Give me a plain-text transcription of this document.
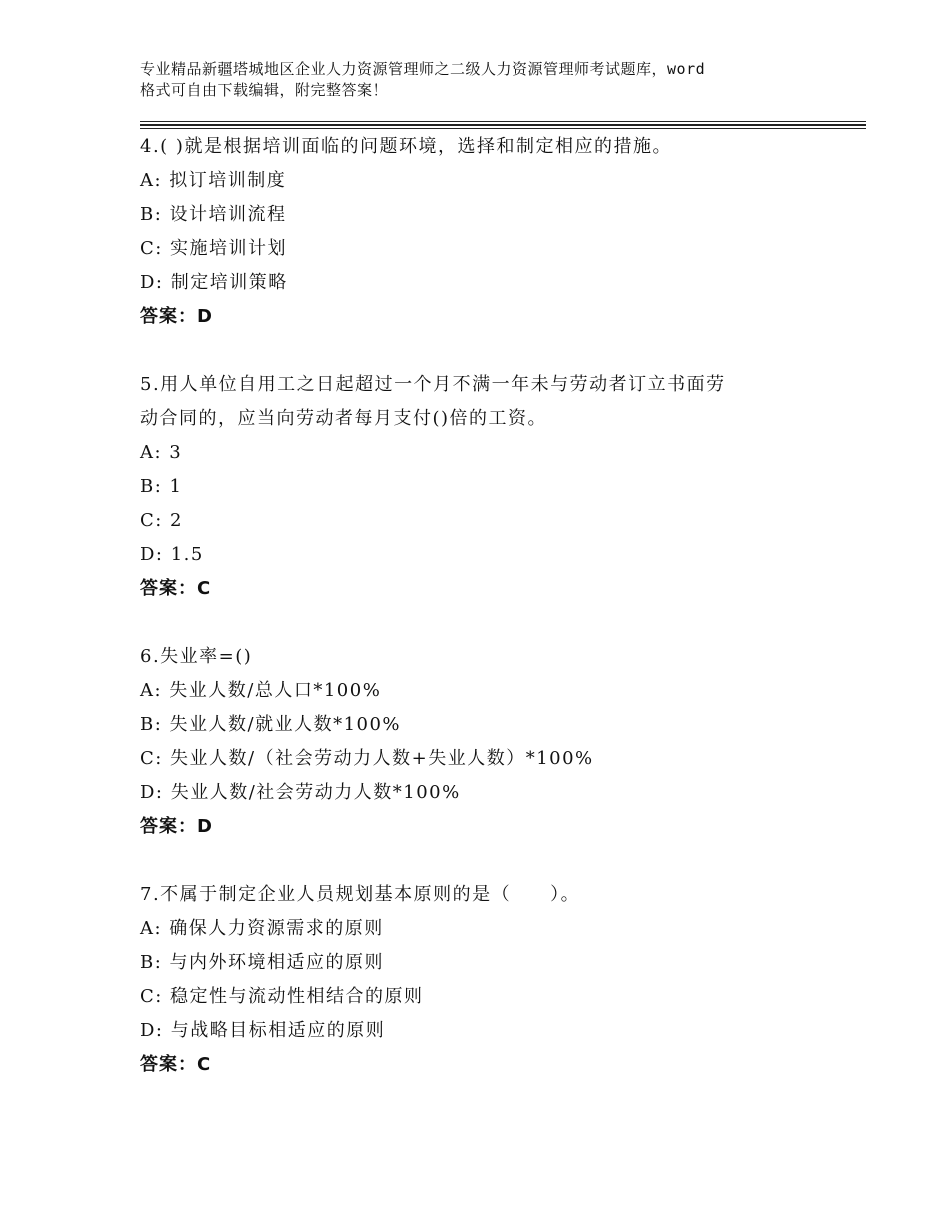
专业精品新疆塔城地区企业人力资源管理师之二级人力资源管理师考试题库，word
格式可自由下载编辑，附完整答案！
4.( )就是根据培训面临的问题环境，选择和制定相应的措施。
A: 拟订培训制度
B: 设计培训流程
C: 实施培训计划
D: 制定培训策略
答案：D
5.用人单位自用工之日起超过一个月不满一年未与劳动者订立书面劳
动合同的，应当向劳动者每月支付()倍的工资。
A: 3
B: 1
C: 2
D: 1.5
答案：C
6.失业率=()
A: 失业人数/总人口*100%
B: 失业人数/就业人数*100%
C: 失业人数/（社会劳动力人数+失业人数）*100%
D: 失业人数/社会劳动力人数*100%
答案：D
7.不属于制定企业人员规划基本原则的是（　　）。
A: 确保人力资源需求的原则
B: 与内外环境相适应的原则
C: 稳定性与流动性相结合的原则
D: 与战略目标相适应的原则
答案：C
